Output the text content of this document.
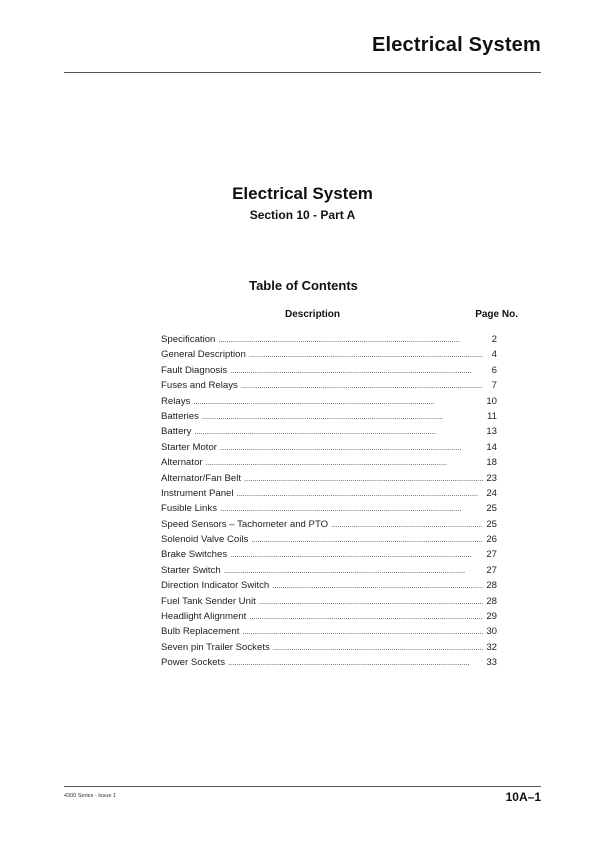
Electrical System
Electrical System
Section 10 - Part A
Table of Contents
Description	Page No.
Specification . . .	2
General Description . . .	4
Fault Diagnosis . . .	6
Fuses and Relays . . .	7
Relays . . .	10
Batteries . . .	11
Battery . . .	13
Starter Motor . . .	14
Alternator . . .	18
Alternator/Fan Belt . . .	23
Instrument Panel . . .	24
Fusible Links . . .	25
Speed Sensors – Tachometer and PTO . . .	25
Solenoid Valve Coils . . .	26
Brake Switches . . .	27
Starter Switch . . .	27
Direction Indicator Switch . . .	28
Fuel Tank Sender Unit . . .	28
Headlight Alignment . . .	29
Bulb Replacement . . .	30
Seven pin Trailer Sockets . . .	32
Power Sockets . . .	33
4300 Series - Issue 1	10A–1
